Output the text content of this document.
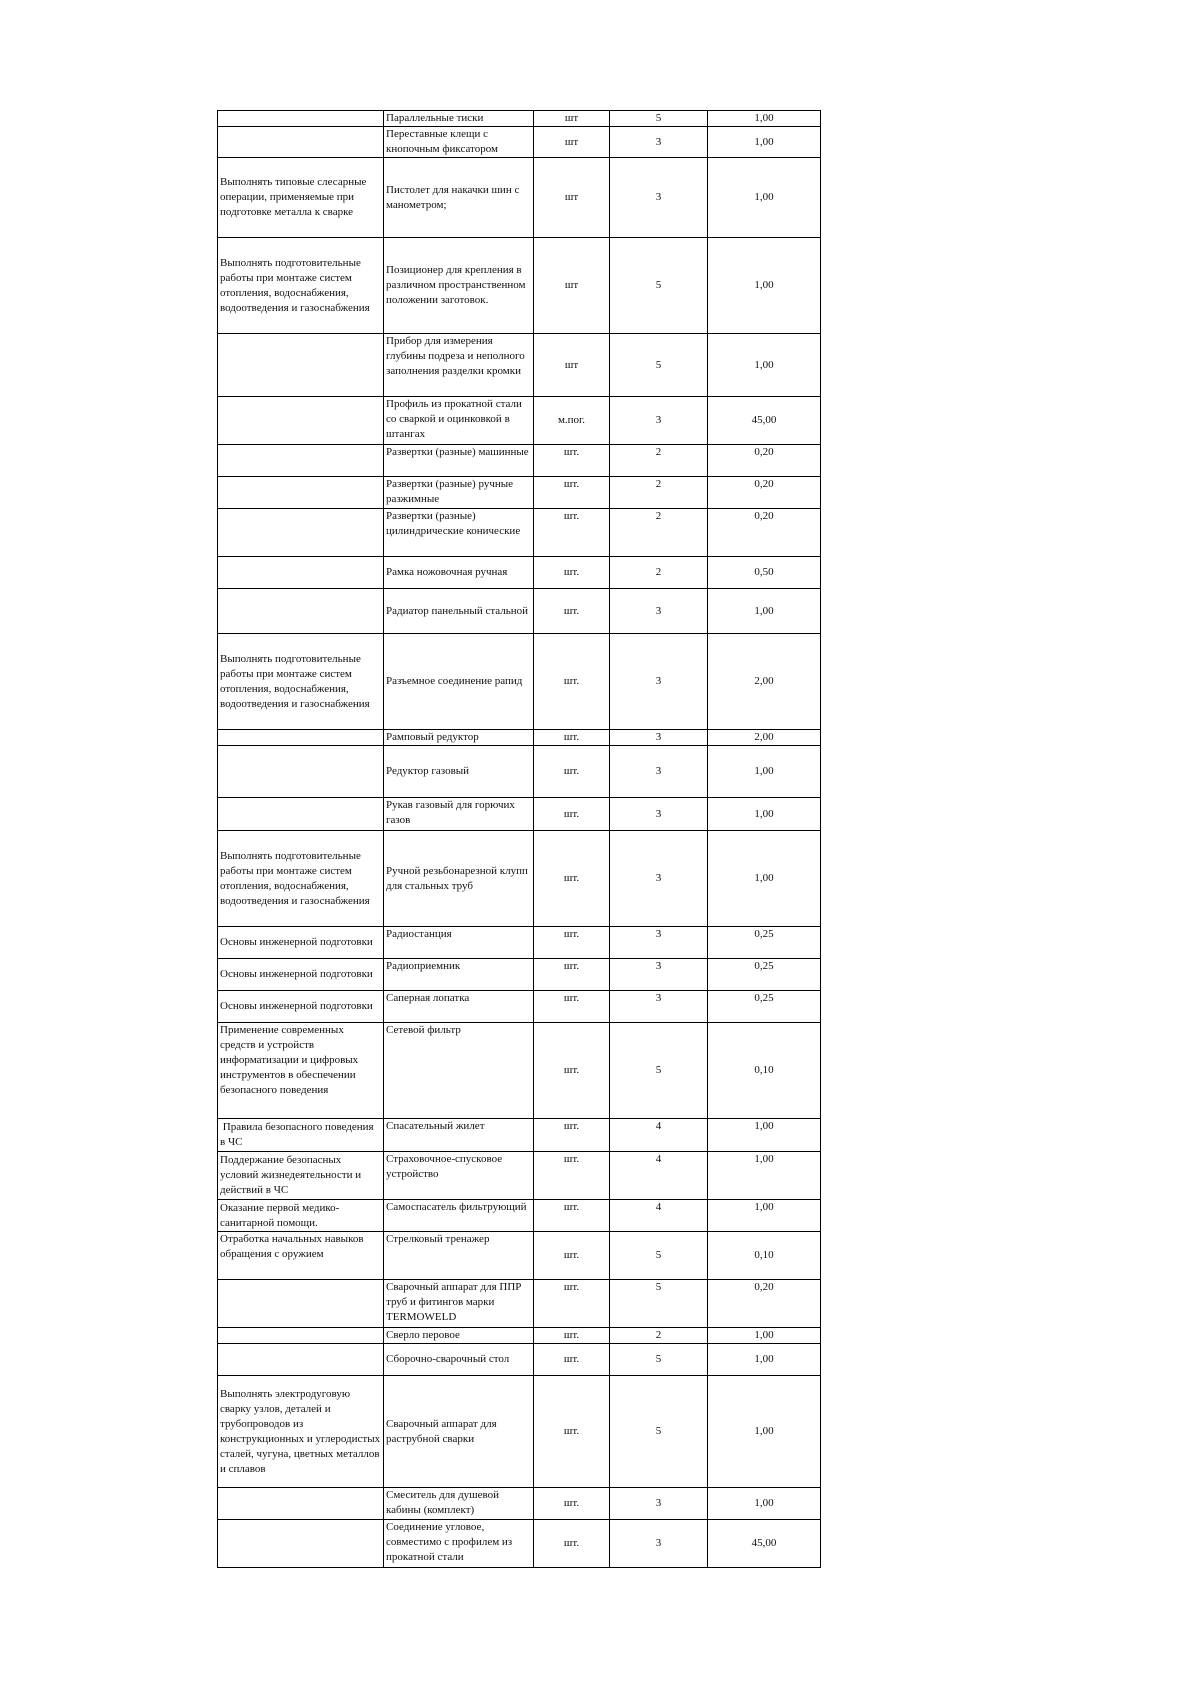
	Параллельные тиски	шт	5	1,00
	Переставные клещи с кнопочным фиксатором	шт	3	1,00
Выполнять типовые слесарные операции, применяемые при подготовке металла к сварке	Пистолет для накачки шин с манометром;	шт	3	1,00
Выполнять подготовительные работы при монтаже систем отопления, водоснабжения, водоотведения и газоснабжения	Позиционер для крепления в различном пространственном положении заготовок.	шт	5	1,00
	Прибор для измерения глубины подреза и неполного заполнения разделки кромки	шт	5	1,00
	Профиль из прокатной стали со сваркой и оцинковкой в штангах	м.пог.	3	45,00
	Развертки (разные) машинные	шт.	2	0,20
	Развертки (разные) ручные разжимные	шт.	2	0,20
	Развертки (разные) цилиндрические конические	шт.	2	0,20
	Рамка ножовочная ручная	шт.	2	0,50
	Радиатор панельный стальной	шт.	3	1,00
Выполнять подготовительные работы при монтаже систем отопления, водоснабжения, водоотведения и газоснабжения	Разъемное соединение рапид	шт.	3	2,00
	Рамповый редуктор	шт.	3	2,00
	Редуктор газовый	шт.	3	1,00
	Рукав газовый для горючих газов	шт.	3	1,00
Выполнять подготовительные работы при монтаже систем отопления, водоснабжения, водоотведения и газоснабжения	Ручной резьбонарезной клупп для стальных труб	шт.	3	1,00
Основы инженерной подготовки	Радиостанция	шт.	3	0,25
Основы инженерной подготовки	Радиоприемник	шт.	3	0,25
Основы инженерной подготовки	Саперная лопатка	шт.	3	0,25
Применение современных средств и устройств информатизации и цифровых инструментов в обеспечении безопасного поведения	Сетевой фильтр	шт.	5	0,10
Правила безопасного поведения в ЧС	Спасательный жилет	шт.	4	1,00
Поддержание безопасных условий жизнедеятельности и действий в ЧС	Страховочное-спусковое устройство	шт.	4	1,00
Оказание первой медико-санитарной помощи.	Самоспасатель фильтрующий	шт.	4	1,00
Отработка начальных навыков обращения с оружием	Стрелковый тренажер	шт.	5	0,10
	Сварочный аппарат для ППР труб и фитингов марки TERMOWELD	шт.	5	0,20
	Сверло перовое	шт.	2	1,00
	Сборочно-сварочный стол	шт.	5	1,00
Выполнять электродуговую сварку узлов, деталей и трубопроводов из конструкционных и углеродистых сталей, чугуна, цветных металлов и сплавов	Сварочный аппарат для раструбной сварки	шт.	5	1,00
	Смеситель для душевой кабины (комплект)	шт.	3	1,00
	Соединение угловое, совместимо с профилем из прокатной стали	шт.	3	45,00
